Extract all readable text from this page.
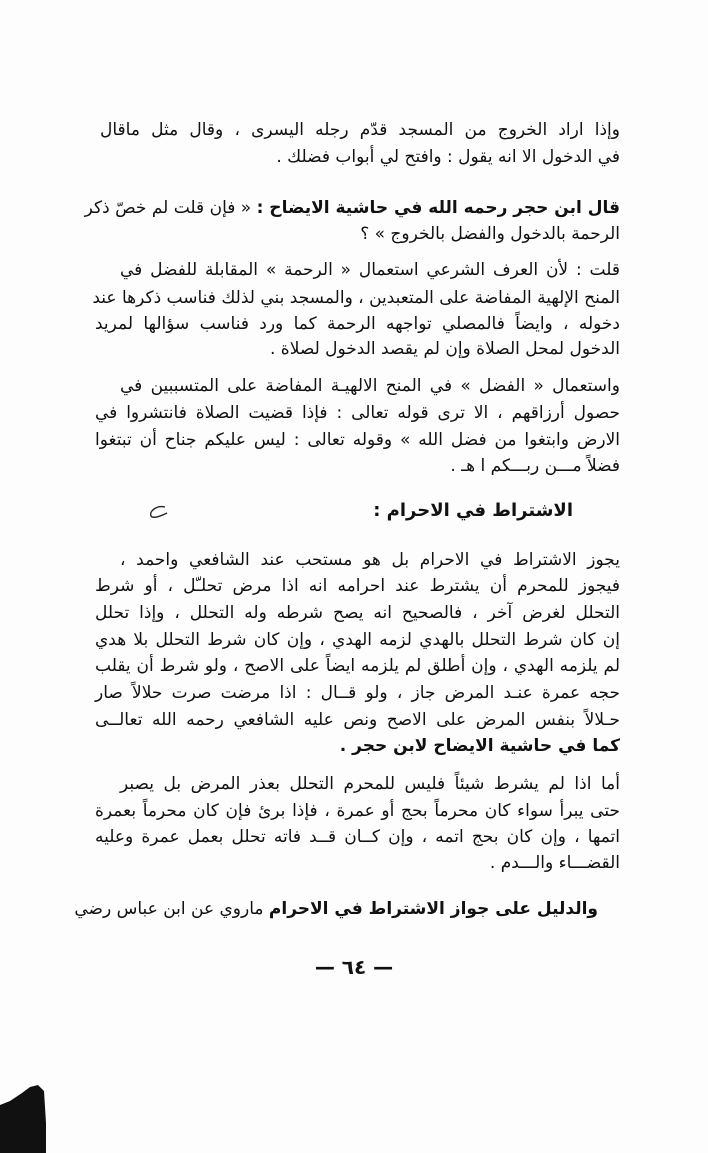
وإذا اراد الخروج من المسجد قدّم رجله اليسرى ، وقال مثل ماقال
في الدخول الا انه يقول : وافتح لي أبواب فضلك .
قال ابن حجر رحمه الله في حاشية الايضاح : « فإن قلت لم خصّ ذكر
الرحمة بالدخول والفضل بالخروج » ؟
قلت : لأن العرف الشرعي استعمال « الرحمة » المقابلة للفضل في
المنح الإلهية المفاضة على المتعبدين ، والمسجد بني لذلك فناسب ذكرها عند
دخوله ، وايضاً فالمصلي تواجهه الرحمة كما ورد فناسب سؤالها لمريد
الدخول لمحل الصلاة وإن لم يقصد الدخول لصلاة .
واستعمال « الفضل » في المنح الالهيـة المفاضة على المتسببين في
حصول أرزاقهم ، الا ترى قوله تعالى : فإذا قضيت الصلاة فانتشروا في
الارض وابتغوا من فضل الله » وقوله تعالى : ليس عليكم جناح أن تبتغوا
فضلاً مـــن ربـــكم ا هـ .
الاشتراط في الاحرام :
يجوز الاشتراط في الاحرام بل هو مستحب عند الشافعي واحمد ،
فيجوز للمحرم أن يشترط عند احرامه انه اذا مرض تحلـّل ، أو شرط
التحلل لغرض آخر ، فالصحيح انه يصح شرطه وله التحلل ، وإذا تحلل
إن كان شرط التحلل بالهدي لزمه الهدي ، وإن كان شرط التحلل بلا هدي
لم يلزمه الهدي ، وإن أطلق لم يلزمه ايضاً على الاصح ، ولو شرط أن يقلب
حجه عمرة عنـد المرض جاز ، ولو قــال : اذا مرضت صرت حلالاً صار
حـلالاً بنفس المرض على الاصح ونص عليه الشافعي رحمه الله تعالــى
كما في حاشية الايضاح لابن حجر .
أما اذا لم يشرط شيئاً فليس للمحرم التحلل بعذر المرض بل يصبر
حتى يبرأ سواء كان محرماً بحج أو عمرة ، فإذا برئ فإن كان محرماً بعمرة
اتمها ، وإن كان بحج اتمه ، وإن كــان قــد فاته تحلل بعمل عمرة وعليه
القضـــاء والـــدم .
والدليل على جواز الاشتراط في الاحرام ماروي عن ابن عباس رضي
— ٦٤ —
